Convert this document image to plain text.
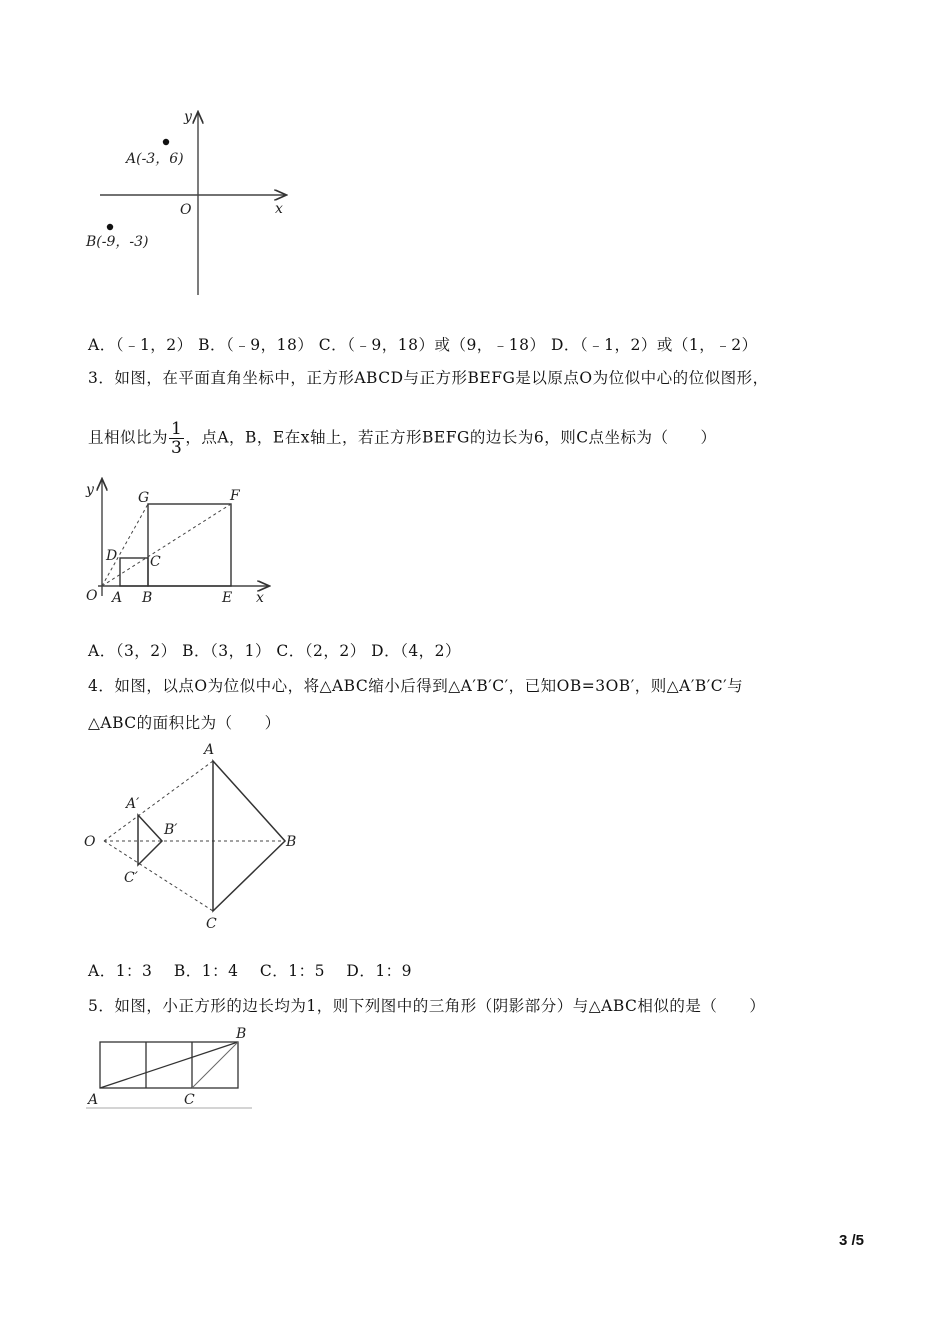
y
x
O
A(-3，6)
B(-9，-3)
A．（﹣1，2） B．（﹣9，18） C．（﹣9，18）或（9，﹣18） D．（﹣1，2）或（1，﹣2）
3．如图，在平面直角坐标中，正方形ABCD与正方形BEFG是以原点O为位似中心的位似图形，
且相似比为 $\frac{1}{3}$ ，点A，B，E在x轴上，若正方形BEFG的边长为6，则C点坐标为（　　）
y
x
O A B	E
C
D
G	F
A．（3，2） B．（3，1） C．（2，2） D．（4，2）
4．如图，以点O为位似中心，将△ABC缩小后得到△A′B′C′，已知OB=3OB′，则△A′B′C′与
△ABC的面积比为（　　）
O
A
B
C
A′
B′
C′
A．1：3　 B．1：4　 C．1：5　 D．1：9
5．如图，小正方形的边长均为1，则下列图中的三角形（阴影部分）与△ABC相似的是（　　）
A	C
B
3 /5
